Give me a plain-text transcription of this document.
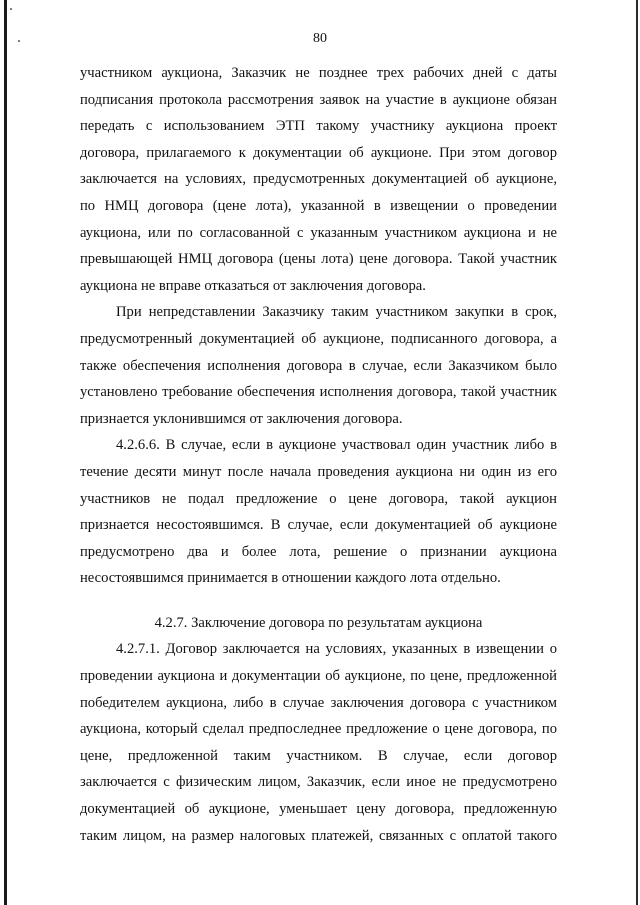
80
участником аукциона, Заказчик не позднее трех рабочих дней с даты
подписания протокола рассмотрения заявок на участие в аукционе обязан
передать с использованием ЭТП такому участнику аукциона проект
договора, прилагаемого к документации об аукционе. При этом договор
заключается на условиях, предусмотренных документацией об аукционе,
по НМЦ договора (цене лота), указанной в извещении о проведении
аукциона, или по согласованной с указанным участником аукциона и не
превышающей НМЦ договора (цены лота) цене договора. Такой участник
аукциона не вправе отказаться от заключения договора.
При непредставлении Заказчику таким участником закупки в срок,
предусмотренный документацией об аукционе, подписанного договора, а
также обеспечения исполнения договора в случае, если Заказчиком было
установлено требование обеспечения исполнения договора, такой участник
признается уклонившимся от заключения договора.
4.2.6.6. В случае, если в аукционе участвовал один участник либо в
течение десяти минут после начала проведения аукциона ни один из его
участников не подал предложение о цене договора, такой аукцион
признается несостоявшимся. В случае, если документацией об аукционе
предусмотрено два и более лота, решение о признании аукциона
несостоявшимся принимается в отношении каждого лота отдельно.
4.2.7. Заключение договора по результатам аукциона
4.2.7.1. Договор заключается на условиях, указанных в извещении о
проведении аукциона и документации об аукционе, по цене, предложенной
победителем аукциона, либо в случае заключения договора с участником
аукциона, который сделал предпоследнее предложение о цене договора, по
цене, предложенной таким участником. В случае, если договор
заключается с физическим лицом, Заказчик, если иное не предусмотрено
документацией об аукционе, уменьшает цену договора, предложенную
таким лицом, на размер налоговых платежей, связанных с оплатой такого
